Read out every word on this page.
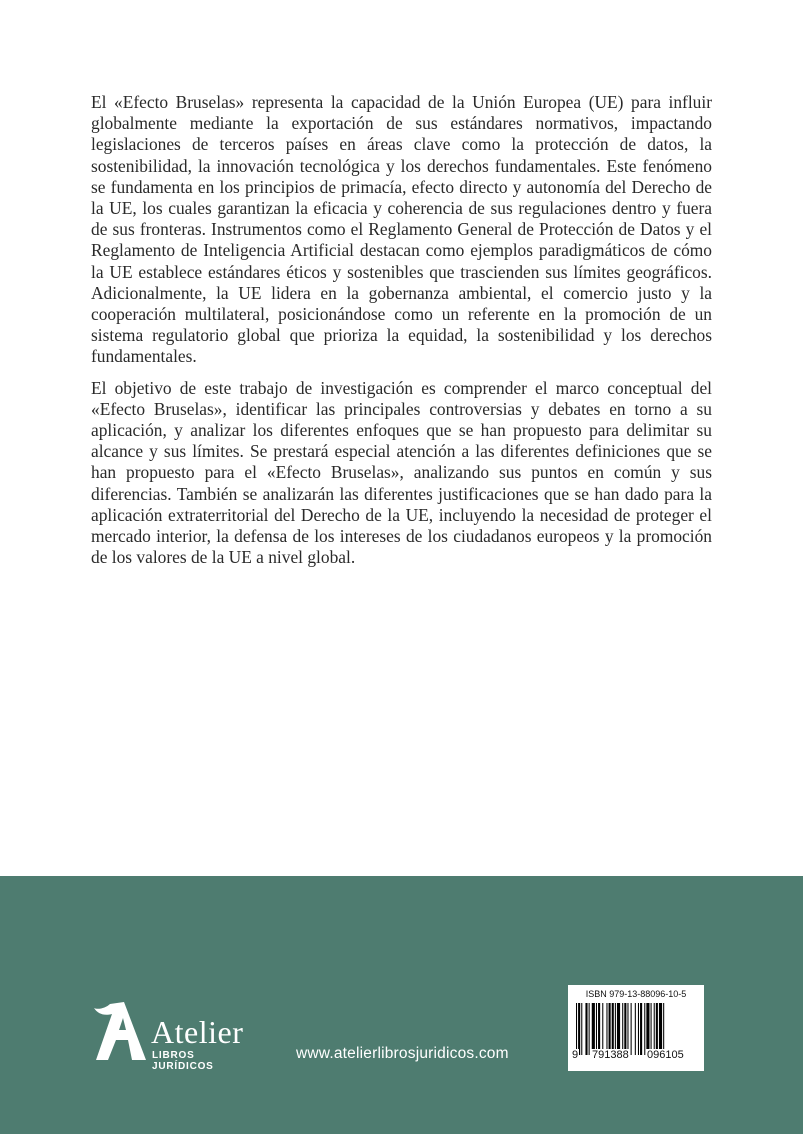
El «Efecto Bruselas» representa la capacidad de la Unión Europea (UE) para influir globalmente mediante la exportación de sus estándares normativos, impactando legislaciones de terceros países en áreas clave como la protección de datos, la sostenibilidad, la innovación tecnológica y los derechos fundamentales. Este fenómeno se fundamenta en los principios de primacía, efecto directo y autonomía del Derecho de la UE, los cuales garantizan la eficacia y coherencia de sus regulaciones dentro y fuera de sus fronteras. Instrumentos como el Reglamento General de Protección de Datos y el Reglamento de Inteligencia Artificial destacan como ejemplos paradigmáticos de cómo la UE establece estándares éticos y sostenibles que trascienden sus límites geográficos. Adicionalmente, la UE lidera en la gobernanza ambiental, el comercio justo y la cooperación multilateral, posicionándose como un referente en la promoción de un sistema regulatorio global que prioriza la equidad, la sostenibilidad y los derechos fundamentales.

El objetivo de este trabajo de investigación es comprender el marco conceptual del «Efecto Bruselas», identificar las principales controversias y debates en torno a su aplicación, y analizar los diferentes enfoques que se han propuesto para delimitar su alcance y sus límites. Se prestará especial atención a las diferentes definiciones que se han propuesto para el «Efecto Bruselas», analizando sus puntos en común y sus diferencias. También se analizarán las diferentes justificaciones que se han dado para la aplicación extraterritorial del Derecho de la UE, incluyendo la necesidad de proteger el mercado interior, la defensa de los intereses de los ciudadanos europeos y la promoción de los valores de la UE a nivel global.

Atelier
LIBROS JURÍDICOS
www.atelierlibrosjuridicos.com
ISBN 979-13-88096-10-5
9 791388 096105
